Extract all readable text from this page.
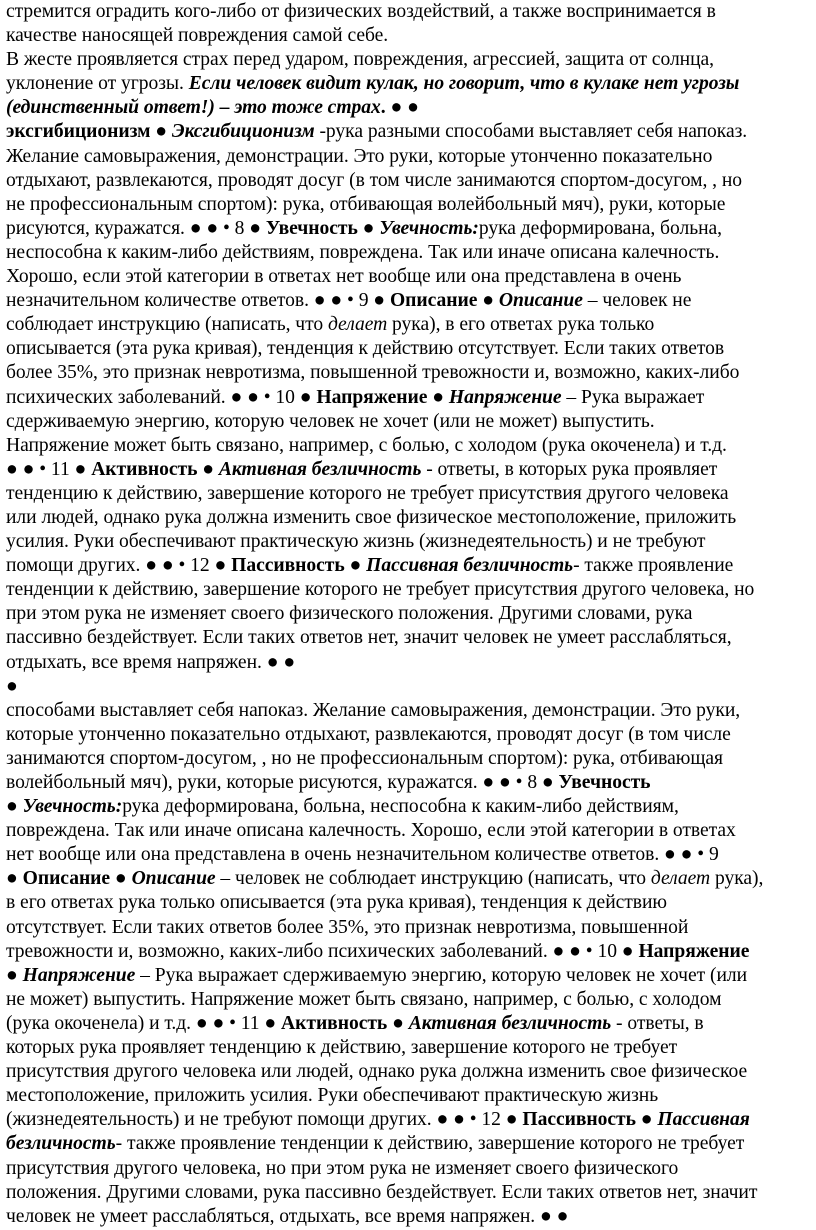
стремится оградить кого-либо от физических воздействий, а также воспринимается в
качестве наносящей повреждения самой себе.
В жесте проявляется страх перед ударом, повреждения, агрессией, защита от солнца,
уклонение от угрозы. Если человек видит кулак, но говорит, что в кулаке нет угрозы
(единственный ответ!) – это тоже страх. ● ●
эксгибиционизм ● Эксгибиционизм -рука разными способами выставляет себя напоказ.
Желание самовыражения, демонстрации. Это руки, которые утонченно показательно
отдыхают, развлекаются, проводят досуг (в том числе занимаются спортом-досугом, , но
не профессиональным спортом): рука, отбивающая волейбольный мяч), руки, которые
рисуются, куражатся. ● ● • 8 ● Увечность ● Увечность:рука деформирована, больна,
неспособна к каким-либо действиям, повреждена. Так или иначе описана калечность.
Хорошо, если этой категории в ответах нет вообще или она представлена в очень
незначительном количестве ответов. ● ● • 9 ● Описание ● Описание – человек не
соблюдает инструкцию (написать, что делает рука), в его ответах рука только
описывается (эта рука кривая), тенденция к действию отсутствует. Если таких ответов
более 35%, это признак невротизма, повышенной тревожности и, возможно, каких-либо
психических заболеваний. ● ● • 10 ● Напряжение ● Напряжение – Рука выражает
сдерживаемую энергию, которую человек не хочет (или не может) выпустить.
Напряжение может быть связано, например, с болью, с холодом (рука окоченела) и т.д.
● ● • 11 ● Активность ● Активная безличность - ответы, в которых рука проявляет
тенденцию к действию, завершение которого не требует присутствия другого человека
или людей, однако рука должна изменить свое физическое местоположение, приложить
усилия. Руки обеспечивают практическую жизнь (жизнедеятельность) и не требуют
помощи других. ● ● • 12 ● Пассивность ● Пассивная безличность- также проявление
тенденции к действию, завершение которого не требует присутствия другого человека, но
при этом рука не изменяет своего физического положения. Другими словами, рука
пассивно бездействует. Если таких ответов нет, значит человек не умеет расслабляться,
отдыхать, все время напряжен. ● ●
●
способами выставляет себя напоказ. Желание самовыражения, демонстрации. Это руки,
которые утонченно показательно отдыхают, развлекаются, проводят досуг (в том числе
занимаются спортом-досугом, , но не профессиональным спортом): рука, отбивающая
волейбольный мяч), руки, которые рисуются, куражатся. ● ● • 8 ● Увечность
● Увечность:рука деформирована, больна, неспособна к каким-либо действиям,
повреждена. Так или иначе описана калечность. Хорошо, если этой категории в ответах
нет вообще или она представлена в очень незначительном количестве ответов. ● ● • 9
● Описание ● Описание – человек не соблюдает инструкцию (написать, что делает рука),
в его ответах рука только описывается (эта рука кривая), тенденция к действию
отсутствует. Если таких ответов более 35%, это признак невротизма, повышенной
тревожности и, возможно, каких-либо психических заболеваний. ● ● • 10 ● Напряжение
● Напряжение – Рука выражает сдерживаемую энергию, которую человек не хочет (или
не может) выпустить. Напряжение может быть связано, например, с болью, с холодом
(рука окоченела) и т.д. ● ● • 11 ● Активность ● Активная безличность - ответы, в
которых рука проявляет тенденцию к действию, завершение которого не требует
присутствия другого человека или людей, однако рука должна изменить свое физическое
местоположение, приложить усилия. Руки обеспечивают практическую жизнь
(жизнедеятельность) и не требуют помощи других. ● ● • 12 ● Пассивность ● Пассивная
безличность- также проявление тенденции к действию, завершение которого не требует
присутствия другого человека, но при этом рука не изменяет своего физического
положения. Другими словами, рука пассивно бездействует. Если таких ответов нет, значит
человек не умеет расслабляться, отдыхать, все время напряжен. ● ●
